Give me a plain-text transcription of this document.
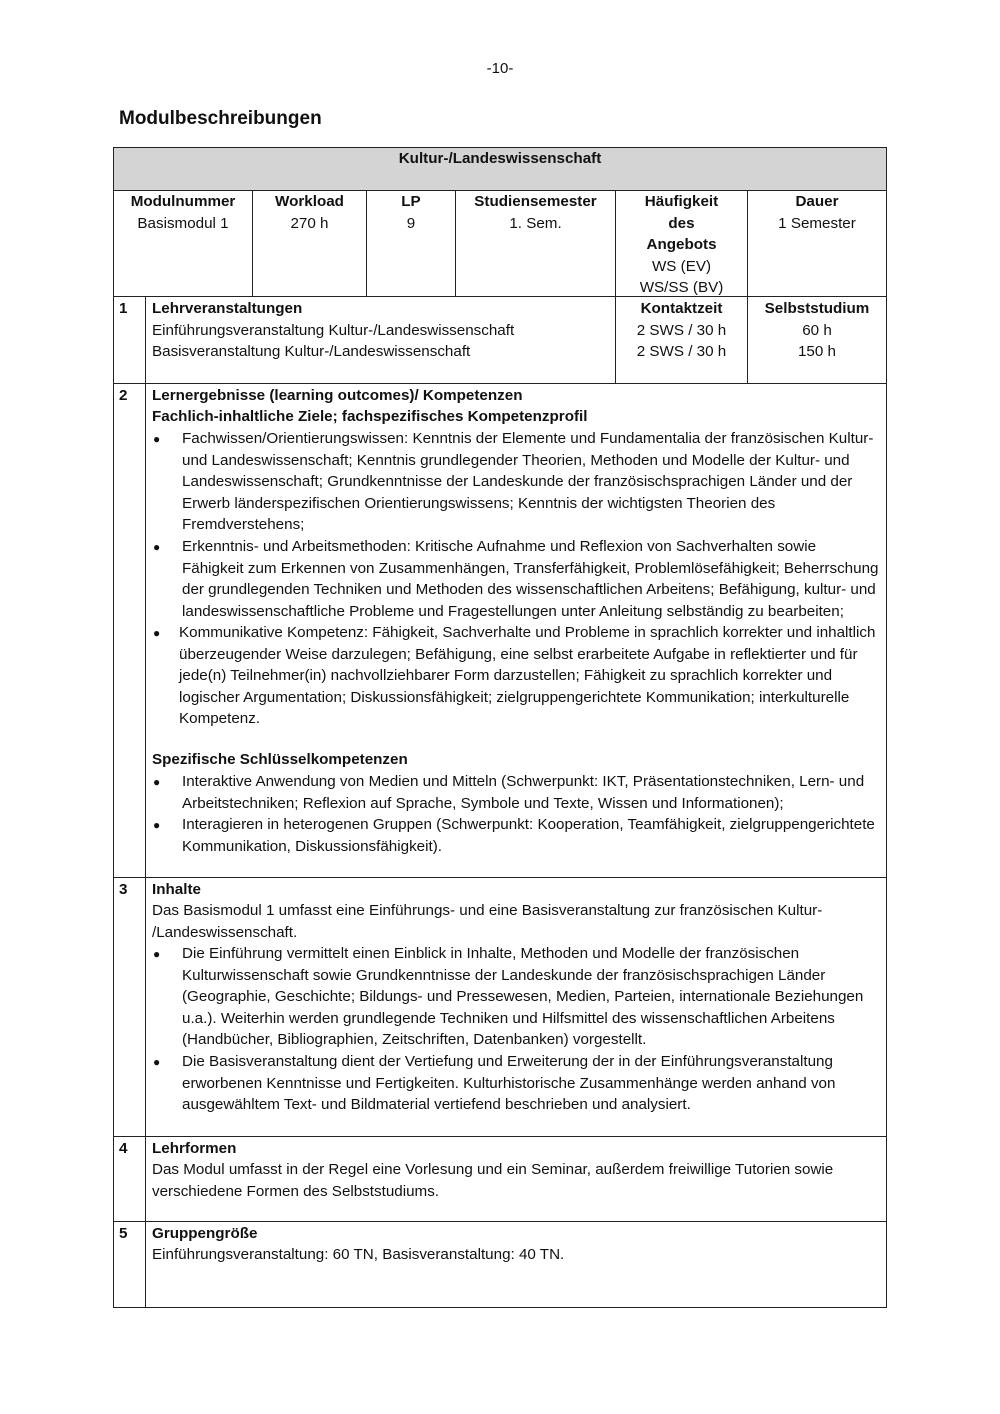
-10-
Modulbeschreibungen
Kultur-/Landeswissenschaft
Modulnummer
Basismodul 1
Workload
270 h
LP
9
Studiensemester
1. Sem.
Häufigkeit des Angebots
WS (EV)
WS/SS (BV)
Dauer
1 Semester
1 Lehrveranstaltungen
Einführungsveranstaltung Kultur-/Landeswissenschaft
Basisveranstaltung Kultur-/Landeswissenschaft
Kontaktzeit
2 SWS / 30 h
2 SWS / 30 h
Selbststudium
60 h
150 h
2 Lernergebnisse (learning outcomes)/ Kompetenzen
Fachlich-inhaltliche Ziele; fachspezifisches Kompetenzprofil
● Fachwissen/Orientierungswissen: Kenntnis der Elemente und Fundamentalia der französischen Kultur-
und Landeswissenschaft; Kenntnis grundlegender Theorien, Methoden und Modelle der Kultur- und
Landeswissenschaft; Grundkenntnisse der Landeskunde der französischsprachigen Länder und der
Erwerb länderspezifischen Orientierungswissens; Kenntnis der wichtigsten Theorien des
Fremdverstehens;
● Erkenntnis- und Arbeitsmethoden: Kritische Aufnahme und Reflexion von Sachverhalten sowie
Fähigkeit zum Erkennen von Zusammenhängen, Transferfähigkeit, Problemlösefähigkeit; Beherrschung
der grundlegenden Techniken und Methoden des wissenschaftlichen Arbeitens; Befähigung, kultur- und
landeswissenschaftliche Probleme und Fragestellungen unter Anleitung selbständig zu bearbeiten;
● Kommunikative Kompetenz: Fähigkeit, Sachverhalte und Probleme in sprachlich korrekter und inhaltlich
überzeugender Weise darzulegen; Befähigung, eine selbst erarbeitete Aufgabe in reflektierter und für
jede(n) Teilnehmer(in) nachvollziehbarer Form darzustellen; Fähigkeit zu sprachlich korrekter und
logischer Argumentation; Diskussionsfähigkeit; zielgruppengerichtete Kommunikation; interkulturelle
Kompetenz.
Spezifische Schlüsselkompetenzen
● Interaktive Anwendung von Medien und Mitteln (Schwerpunkt: IKT, Präsentationstechniken, Lern- und
Arbeitstechniken; Reflexion auf Sprache, Symbole und Texte, Wissen und Informationen);
● Interagieren in heterogenen Gruppen (Schwerpunkt: Kooperation, Teamfähigkeit, zielgruppengerichtete
Kommunikation, Diskussionsfähigkeit).
3 Inhalte
Das Basismodul 1 umfasst eine Einführungs- und eine Basisveranstaltung zur französischen Kultur-
/Landeswissenschaft.
● Die Einführung vermittelt einen Einblick in Inhalte, Methoden und Modelle der französischen
Kulturwissenschaft sowie Grundkenntnisse der Landeskunde der französischsprachigen Länder
(Geographie, Geschichte; Bildungs- und Pressewesen, Medien, Parteien, internationale Beziehungen
u.a.). Weiterhin werden grundlegende Techniken und Hilfsmittel des wissenschaftlichen Arbeitens
(Handbücher, Bibliographien, Zeitschriften, Datenbanken) vorgestellt.
● Die Basisveranstaltung dient der Vertiefung und Erweiterung der in der Einführungsveranstaltung
erworbenen Kenntnisse und Fertigkeiten. Kulturhistorische Zusammenhänge werden anhand von
ausgewähltem Text- und Bildmaterial vertiefend beschrieben und analysiert.
4 Lehrformen
Das Modul umfasst in der Regel eine Vorlesung und ein Seminar, außerdem freiwillige Tutorien sowie
verschiedene Formen des Selbststudiums.
5 Gruppengröße
Einführungsveranstaltung: 60 TN, Basisveranstaltung: 40 TN.
